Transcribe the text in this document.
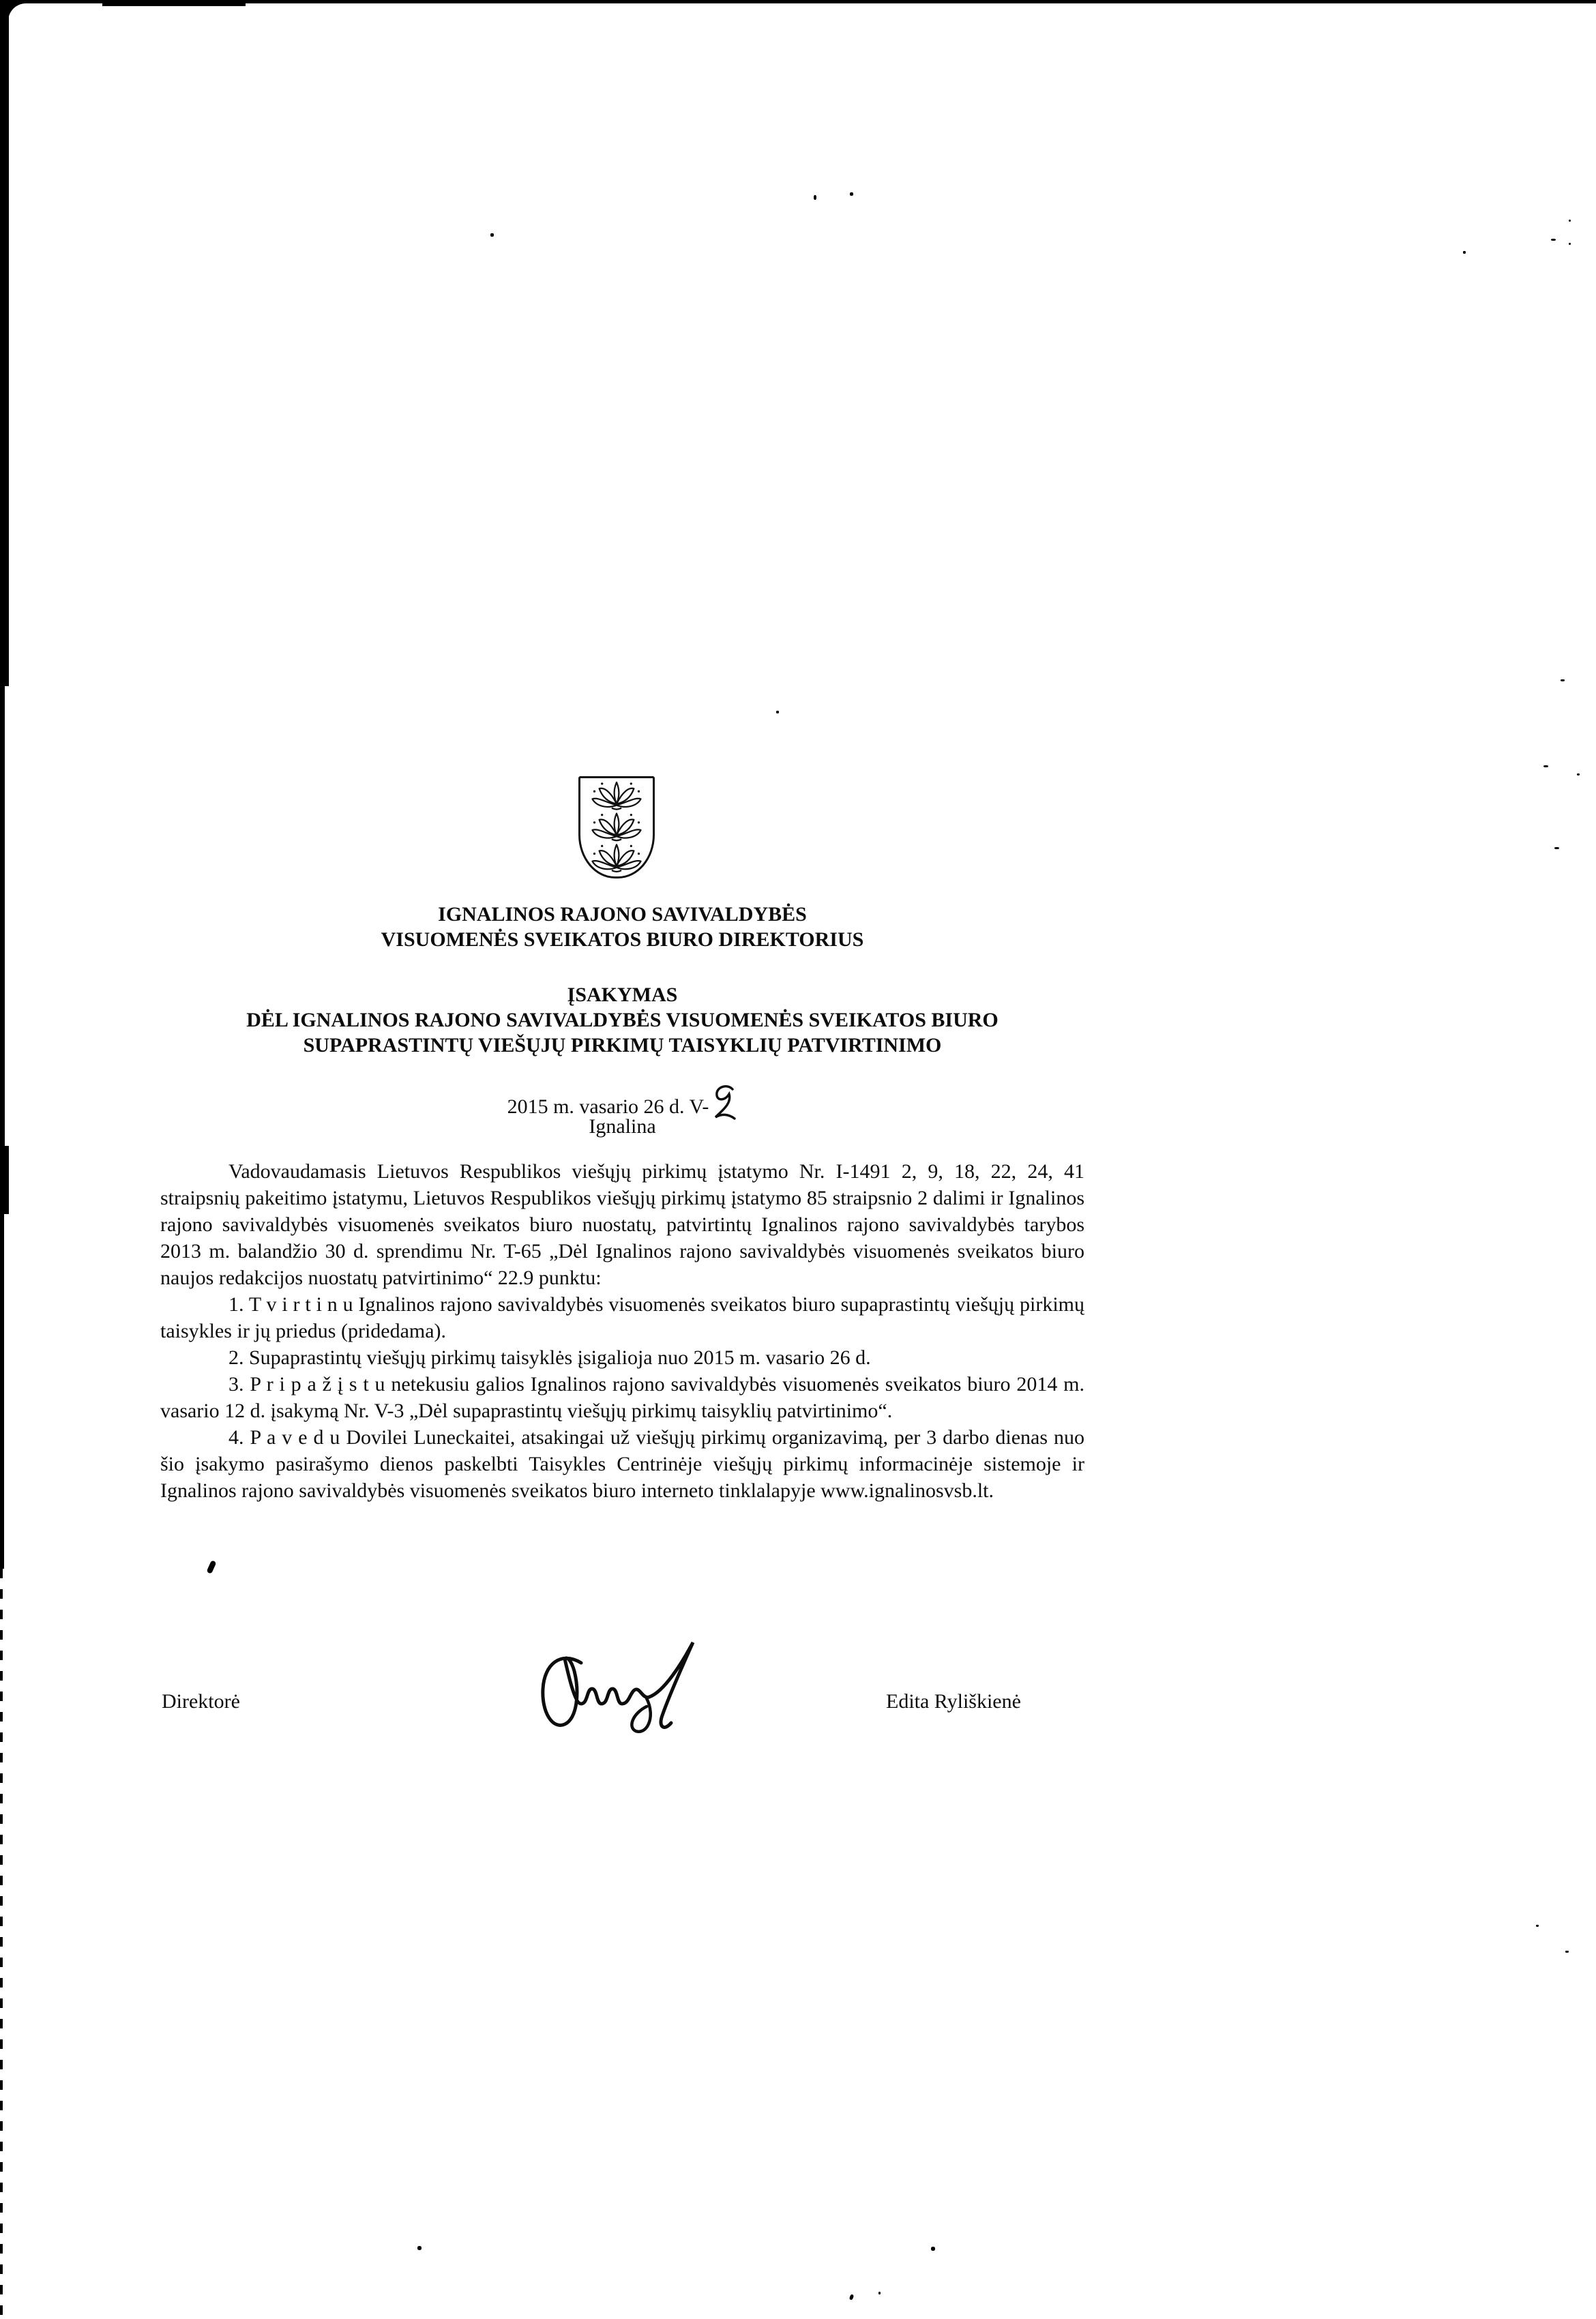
IGNALINOS RAJONO SAVIVALDYBĖS
VISUOMENĖS SVEIKATOS BIURO DIREKTORIUS
ĮSAKYMAS
DĖL IGNALINOS RAJONO SAVIVALDYBĖS VISUOMENĖS SVEIKATOS BIURO
SUPAPRASTINTŲ VIEŠŲJŲ PIRKIMŲ TAISYKLIŲ PATVIRTINIMO
2015 m. vasario 26 d. V-
Ignalina

Vadovaudamasis Lietuvos Respublikos viešųjų pirkimų įstatymo Nr. I-1491 2, 9, 18, 22, 24, 41 straipsnių pakeitimo įstatymu, Lietuvos Respublikos viešųjų pirkimų įstatymo 85 straipsnio 2 dalimi ir Ignalinos rajono savivaldybės visuomenės sveikatos biuro nuostatų, patvirtintų Ignalinos rajono savivaldybės tarybos 2013 m. balandžio 30 d. sprendimu Nr. T-65 „Dėl Ignalinos rajono savivaldybės visuomenės sveikatos biuro naujos redakcijos nuostatų patvirtinimo“ 22.9 punktu:

1. T v i r t i n u Ignalinos rajono savivaldybės visuomenės sveikatos biuro supaprastintų viešųjų pirkimų taisykles ir jų priedus (pridedama).

2. Supaprastintų viešųjų pirkimų taisyklės įsigalioja nuo 2015 m. vasario 26 d.

3. P r i p a ž į s t u netekusiu galios Ignalinos rajono savivaldybės visuomenės sveikatos biuro 2014 m. vasario 12 d. įsakymą Nr. V-3 „Dėl supaprastintų viešųjų pirkimų taisyklių patvirtinimo“.

4. P a v e d u Dovilei Luneckaitei, atsakingai už viešųjų pirkimų organizavimą, per 3 darbo dienas nuo šio įsakymo pasirašymo dienos paskelbti Taisykles Centrinėje viešųjų pirkimų informacinėje sistemoje ir Ignalinos rajono savivaldybės visuomenės sveikatos biuro interneto tinklalapyje www.ignalinosvsb.lt.

Direktorė	Edita Ryliškienė
